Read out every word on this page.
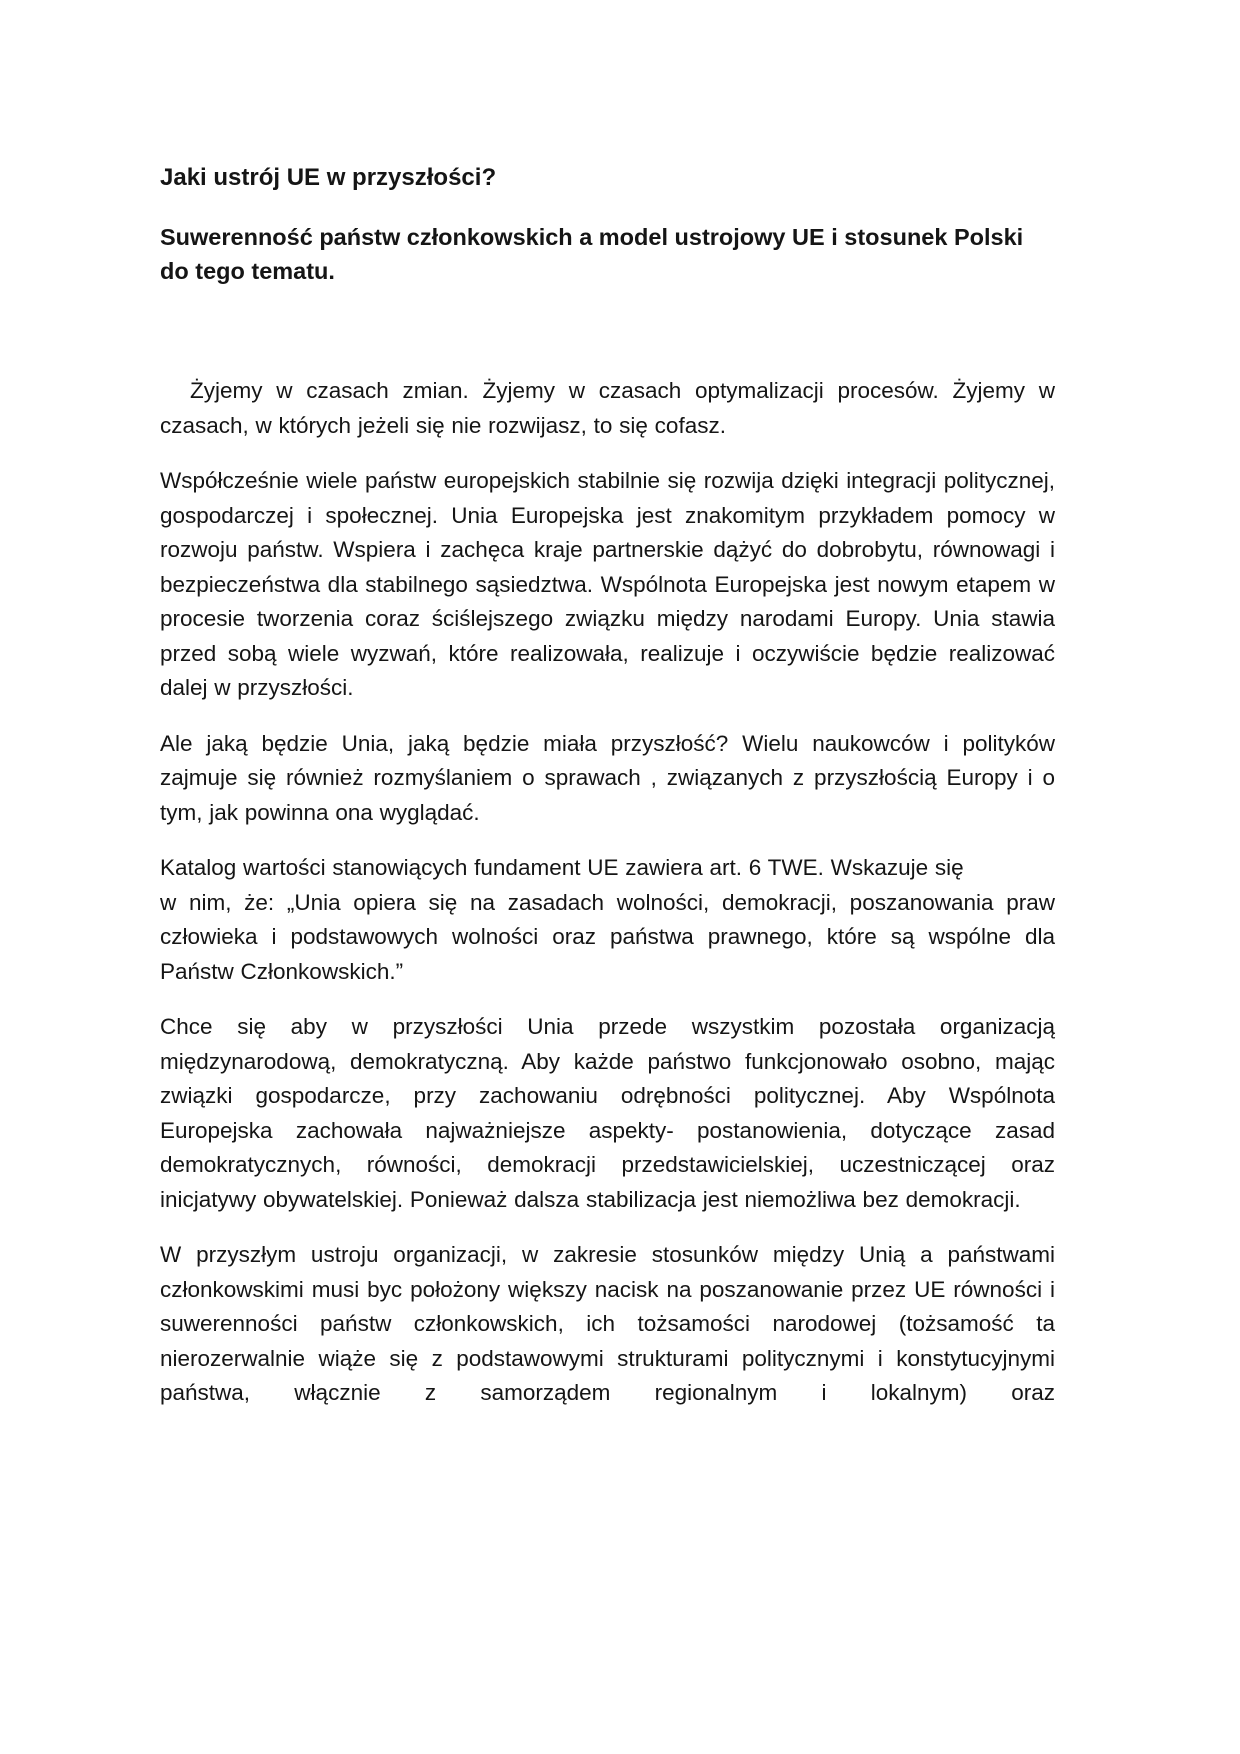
Jaki ustrój UE w przyszłości?
Suwerenność państw członkowskich a model ustrojowy UE i stosunek Polski do tego tematu.

Żyjemy w czasach zmian. Żyjemy w czasach optymalizacji procesów. Żyjemy w czasach, w których jeżeli się nie rozwijasz, to się cofasz.

Współcześnie wiele państw europejskich stabilnie się rozwija dzięki integracji politycznej, gospodarczej i społecznej. Unia Europejska jest znakomitym przykładem pomocy w rozwoju państw. Wspiera i zachęca kraje partnerskie dążyć do dobrobytu, równowagi i bezpieczeństwa dla stabilnego sąsiedztwa. Wspólnota Europejska jest nowym etapem w procesie tworzenia coraz ściślejszego związku między narodami Europy. Unia stawia przed sobą wiele wyzwań, które realizowała, realizuje i oczywiście będzie realizować dalej w przyszłości.

Ale jaką będzie Unia, jaką będzie miała przyszłość? Wielu naukowców i polityków zajmuje się również rozmyślaniem o sprawach , związanych z przyszłością Europy i o tym, jak powinna ona wyglądać.

Katalog wartości stanowiących fundament UE zawiera art. 6 TWE. Wskazuje się
w nim, że: „Unia opiera się na zasadach wolności, demokracji, poszanowania praw człowieka i podstawowych wolności oraz państwa prawnego, które są wspólne dla Państw Członkowskich.”

Chce się aby w przyszłości Unia przede wszystkim pozostała organizacją międzynarodową, demokratyczną. Aby każde państwo funkcjonowało osobno, mając związki gospodarcze, przy zachowaniu odrębności politycznej. Aby Wspólnota Europejska zachowała najważniejsze aspekty- postanowienia, dotyczące zasad demokratycznych, równości, demokracji przedstawicielskiej, uczestniczącej oraz inicjatywy obywatelskiej. Ponieważ dalsza stabilizacja jest niemożliwa bez demokracji.

W przyszłym ustroju organizacji, w zakresie stosunków między Unią a państwami członkowskimi musi byc położony większy nacisk na poszanowanie przez UE równości i suwerenności państw członkowskich, ich tożsamości narodowej (tożsamość ta nierozerwalnie wiąże się z podstawowymi strukturami politycznymi i konstytucyjnymi państwa, włącznie z samorządem regionalnym i lokalnym) oraz
